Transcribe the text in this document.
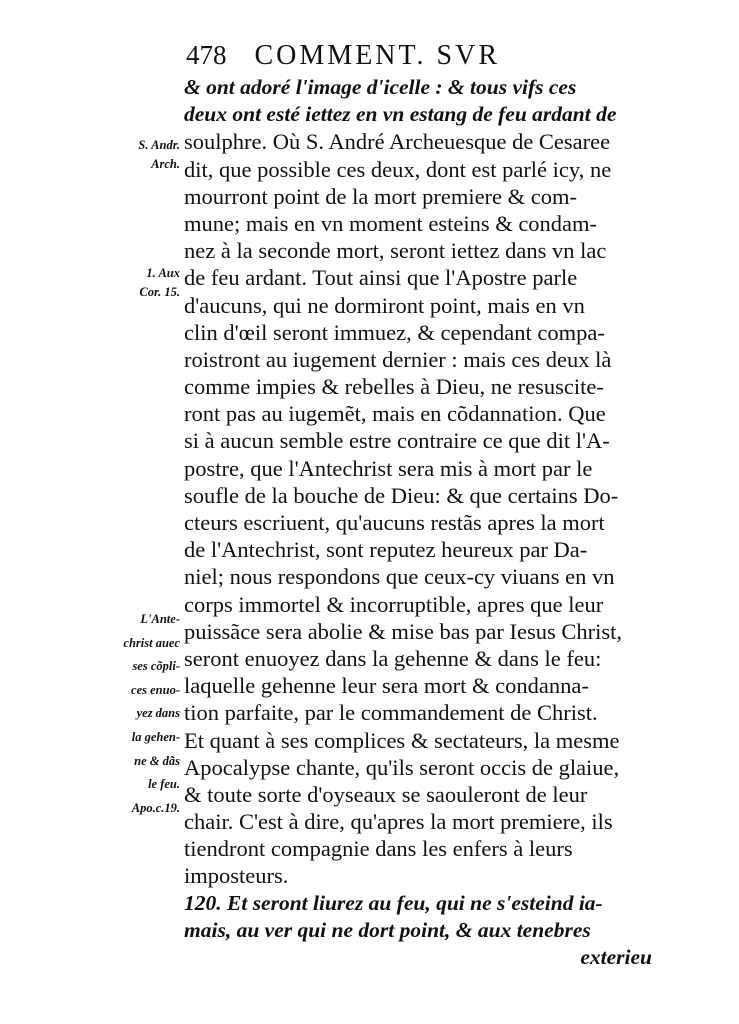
478 COMMENT. SVR
& ont adoré l'image d'icelle : & tous vifs ces
deux ont esté iettez en vn estang de feu ardant de
soulphre. Où S. André Archeuesque de Cesaree
dit, que possible ces deux, dont est parlé icy, ne
mourront point de la mort premiere & com-
mune; mais en vn moment esteins & condam-
nez à la seconde mort, seront iettez dans vn lac
de feu ardant. Tout ainsi que l'Apostre parle
d'aucuns, qui ne dormiront point, mais en vn
clin d'œil seront immuez, & cependant compa-
roistront au iugement dernier : mais ces deux là
comme impies & rebelles à Dieu, ne resuscite-
ront pas au iugemẽt, mais en cõdannation. Que
si à aucun semble estre contraire ce que dit l'A-
postre, que l'Antechrist sera mis à mort par le
soufle de la bouche de Dieu: & que certains Do-
cteurs escriuent, qu'aucuns restãs apres la mort
de l'Antechrist, sont reputez heureux par Da-
niel; nous respondons que ceux-cy viuans en vn
corps immortel & incorruptible, apres que leur
puissãce sera abolie & mise bas par Iesus Christ,
seront enuoyez dans la gehenne & dans le feu:
laquelle gehenne leur sera mort & condanna-
tion parfaite, par le commandement de Christ.
Et quant à ses complices & sectateurs, la mesme
Apocalypse chante, qu'ils seront occis de glaiue,
& toute sorte d'oyseaux se saouleront de leur
chair. C'est à dire, qu'apres la mort premiere, ils
tiendront compagnie dans les enfers à leurs
imposteurs.
120. Et seront liurez au feu, qui ne s'esteind ia-
mais, au ver qui ne dort point, & aux tenebres
exterieu
S. Andr.
Arch.
1. Aux
Cor. 15.
L'Ante-
christ auec
ses cõpli-
ces enuo-
yez dans
la gehen-
ne & dãs
le feu.
Apo.c.19.
